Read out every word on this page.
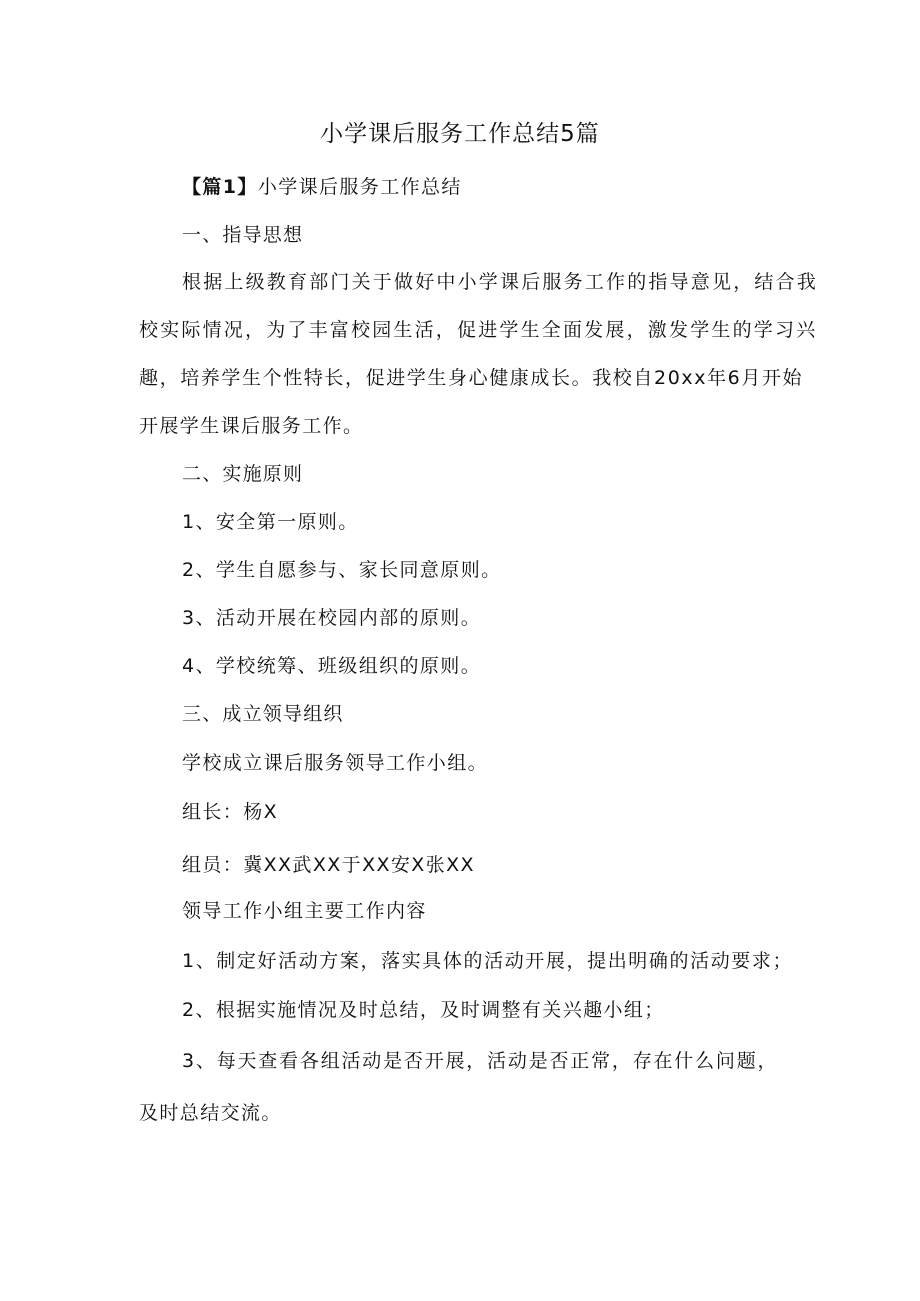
小学课后服务工作总结5篇
【篇1】小学课后服务工作总结
一、指导思想
根据上级教育部门关于做好中小学课后服务工作的指导意见，结合我
校实际情况，为了丰富校园生活，促进学生全面发展，激发学生的学习兴
趣，培养学生个性特长，促进学生身心健康成长。我校自20xx年6月开始
开展学生课后服务工作。
二、实施原则
1、安全第一原则。
2、学生自愿参与、家长同意原则。
3、活动开展在校园内部的原则。
4、学校统筹、班级组织的原则。
三、成立领导组织
学校成立课后服务领导工作小组。
组长：杨X
组员：冀XX武XX于XX安X张XX
领导工作小组主要工作内容
1、制定好活动方案，落实具体的活动开展，提出明确的活动要求；
2、根据实施情况及时总结，及时调整有关兴趣小组；
3、每天查看各组活动是否开展，活动是否正常，存在什么问题，
及时总结交流。
